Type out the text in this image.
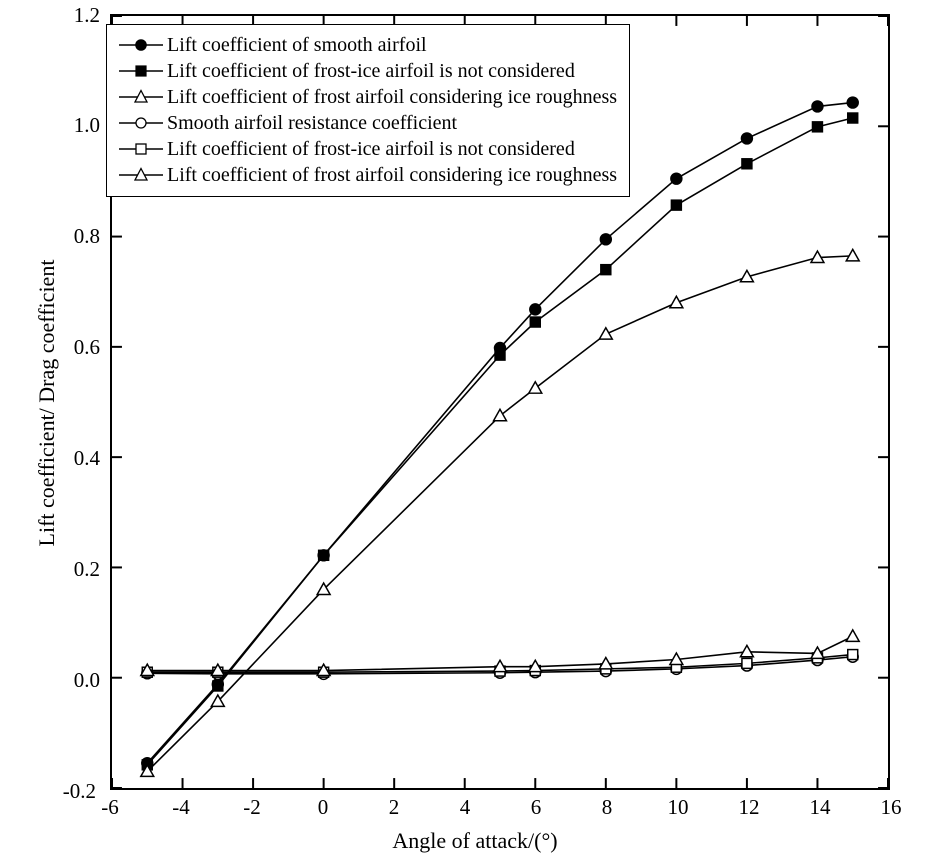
1.2
1.0
0.8
0.6
0.4
0.2
0.0
-0.2
-6	-4	-2	0	2	4	6	8	10	12	14	16
Angle of attack/(°)
Lift coefficient/ Drag coefficient
Lift coefficient of smooth airfoil
Lift coefficient of frost-ice airfoil is not considered
Lift coefficient of frost airfoil considering ice roughness
Smooth airfoil resistance coefficient
Lift coefficient of frost-ice airfoil is not considered
Lift coefficient of frost airfoil considering ice roughness
